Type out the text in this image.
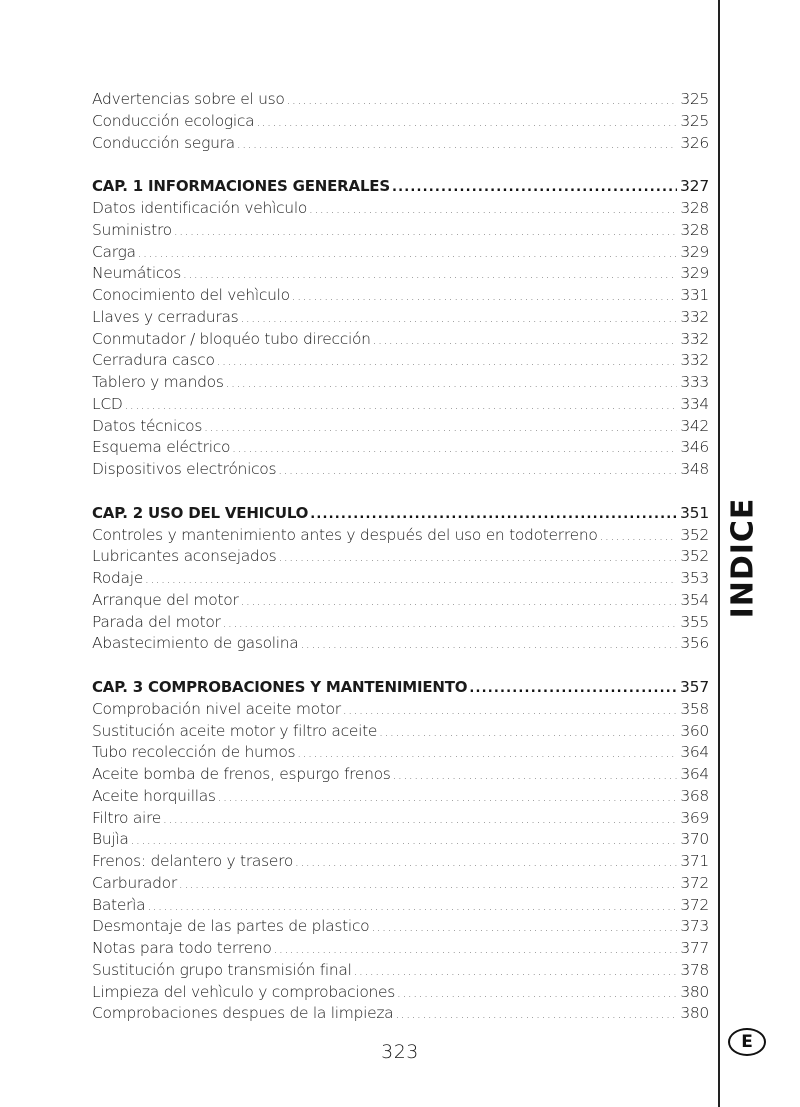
Advertencias sobre el uso .....	325
Conducción ecologica .....	325
Conducción segura .....	326
CAP. 1 INFORMACIONES GENERALES .....	327
Datos identificación vehìculo .....	328
Suministro .....	328
Carga .....	329
Neumáticos .....	329
Conocimiento del vehìculo .....	331
Llaves y cerraduras .....	332
Conmutador / bloquéo tubo dirección .....	332
Cerradura casco .....	332
Tablero y mandos .....	333
LCD .....	334
Datos técnicos .....	342
Esquema eléctrico .....	346
Dispositivos electrónicos .....	348
CAP. 2 USO DEL VEHICULO .....	351
Controles y mantenimiento antes y después del uso en todoterreno .....	352
Lubricantes aconsejados .....	352
Rodaje .....	353
Arranque del motor .....	354
Parada del motor .....	355
Abastecimiento de gasolina .....	356
CAP. 3 COMPROBACIONES Y MANTENIMIENTO .....	357
Comprobación nivel aceite motor .....	358
Sustitución aceite motor y filtro aceite .....	360
Tubo recolección de humos .....	364
Aceite bomba de frenos, espurgo frenos .....	364
Aceite horquillas .....	368
Filtro aire .....	369
Bujìa .....	370
Frenos: delantero y trasero .....	371
Carburador .....	372
Baterìa .....	372
Desmontaje de las partes de plastico .....	373
Notas para todo terreno .....	377
Sustitución grupo transmisión final .....	378
Limpieza del vehìculo y comprobaciones .....	380
Comprobaciones despues de la limpieza .....	380
323
INDICE
E
